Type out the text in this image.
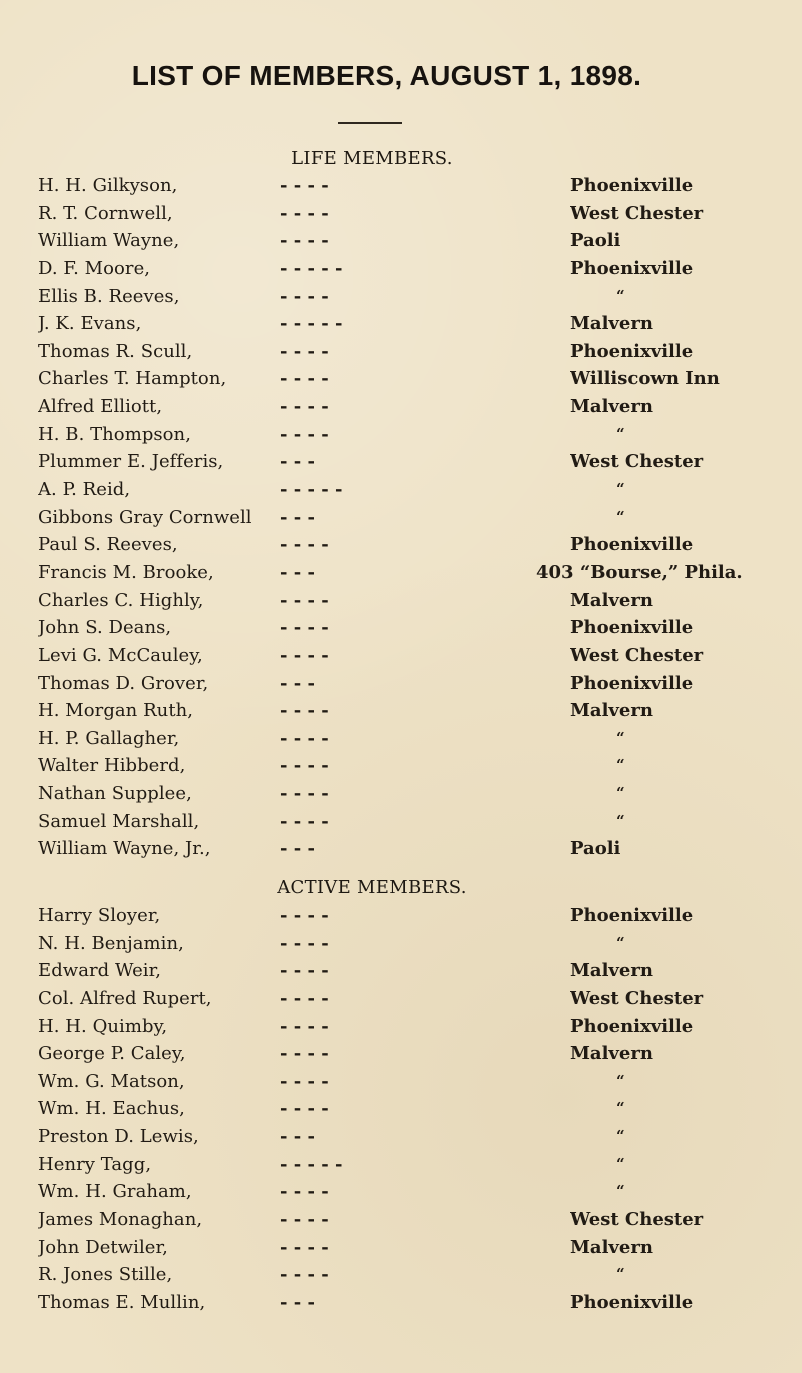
LIST OF MEMBERS, AUGUST 1, 1898.
LIFE MEMBERS.
H. H. Gilkyson,	- - - -	Phoenixville
R. T. Cornwell,	- - - -	West Chester
William Wayne,	- - - -	Paoli
D. F. Moore,	- - - - -	Phoenixville
Ellis B. Reeves,	- - - -	“
J. K. Evans,	- - - - -	Malvern
Thomas R. Scull,	- - - -	Phoenixville
Charles T. Hampton,	- - - -	Williscown Inn
Alfred Elliott,	- - - -	Malvern
H. B. Thompson,	- - - -	“
Plummer E. Jefferis,	- - -	West Chester
A. P. Reid,	- - - - -	“
Gibbons Gray Cornwell	- - -	“
Paul S. Reeves,	- - - -	Phoenixville
Francis M. Brooke,	- - -	403 “Bourse,” Phila.
Charles C. Highly,	- - - -	Malvern
John S. Deans,	- - - -	Phoenixville
Levi G. McCauley,	- - - -	West Chester
Thomas D. Grover,	- - -	Phoenixville
H. Morgan Ruth,	- - - -	Malvern
H. P. Gallagher,	- - - -	“
Walter Hibberd,	- - - -	“
Nathan Supplee,	- - - -	“
Samuel Marshall,	- - - -	“
William Wayne, Jr.,	- - -	Paoli
ACTIVE MEMBERS.
Harry Sloyer,	- - - -	Phoenixville
N. H. Benjamin,	- - - -	“
Edward Weir,	- - - -	Malvern
Col. Alfred Rupert,	- - - -	West Chester
H. H. Quimby,	- - - -	Phoenixville
George P. Caley,	- - - -	Malvern
Wm. G. Matson,	- - - -	“
Wm. H. Eachus,	- - - -	“
Preston D. Lewis,	- - -	“
Henry Tagg,	- - - - -	“
Wm. H. Graham,	- - - -	“
James Monaghan,	- - - -	West Chester
John Detwiler,	- - - -	Malvern
R. Jones Stille,	- - - -	“
Thomas E. Mullin,	- - -	Phoenixville
